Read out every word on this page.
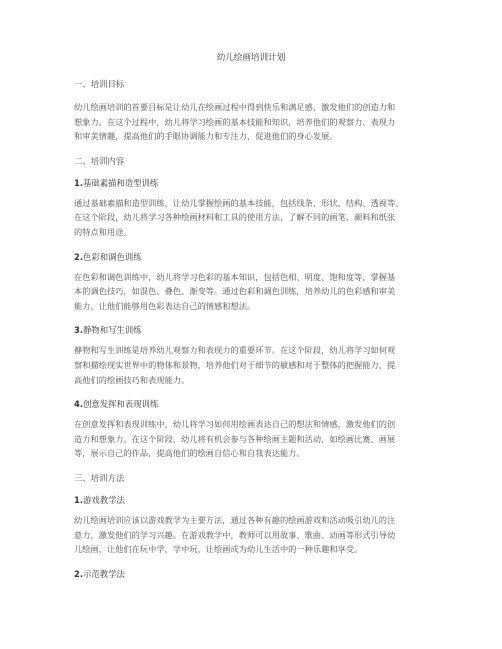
幼儿绘画培训计划
一、培训目标
幼儿绘画培训的首要目标是让幼儿在绘画过程中得到快乐和满足感，激发他们的创造力和
想象力。在这个过程中，幼儿将学习绘画的基本技能和知识，培养他们的观察力、表现力
和审美情趣，提高他们的手眼协调能力和专注力，促进他们的身心发展。
二、培训内容
1.基础素描和造型训练
通过基础素描和造型训练，让幼儿掌握绘画的基本技能，包括线条、形状、结构、透视等。
在这个阶段，幼儿将学习各种绘画材料和工具的使用方法，了解不同的画笔、颜料和纸张
的特点和用途。
2.色彩和调色训练
在色彩和调色训练中，幼儿将学习色彩的基本知识，包括色相、明度、饱和度等，掌握基
本的调色技巧，如混色、叠色、渐变等。通过色彩和调色训练，培养幼儿的色彩感和审美
能力，让他们能够用色彩表达自己的情感和想法。
3.静物和写生训练
静物和写生训练是培养幼儿观察力和表现力的重要环节。在这个阶段，幼儿将学习如何观
察和描绘现实世界中的物体和景物，培养他们对于细节的敏感和对于整体的把握能力，提
高他们的绘画技巧和表现能力。
4.创意发挥和表现训练
在创意发挥和表现训练中，幼儿将学习如何用绘画表达自己的想法和情感，激发他们的创
造力和想象力。在这个阶段，幼儿将有机会参与各种绘画主题和活动，如绘画比赛、画展
等，展示自己的作品，提高他们的绘画自信心和自我表达能力。
三、培训方法
1.游戏教学法
幼儿绘画培训应该以游戏教学为主要方法，通过各种有趣的绘画游戏和活动吸引幼儿的注
意力，激发他们的学习兴趣。在游戏教学中，教师可以用故事、歌曲、动画等形式引导幼
儿绘画，让他们在玩中学，学中玩，让绘画成为幼儿生活中的一种乐趣和享受。
2.示范教学法
